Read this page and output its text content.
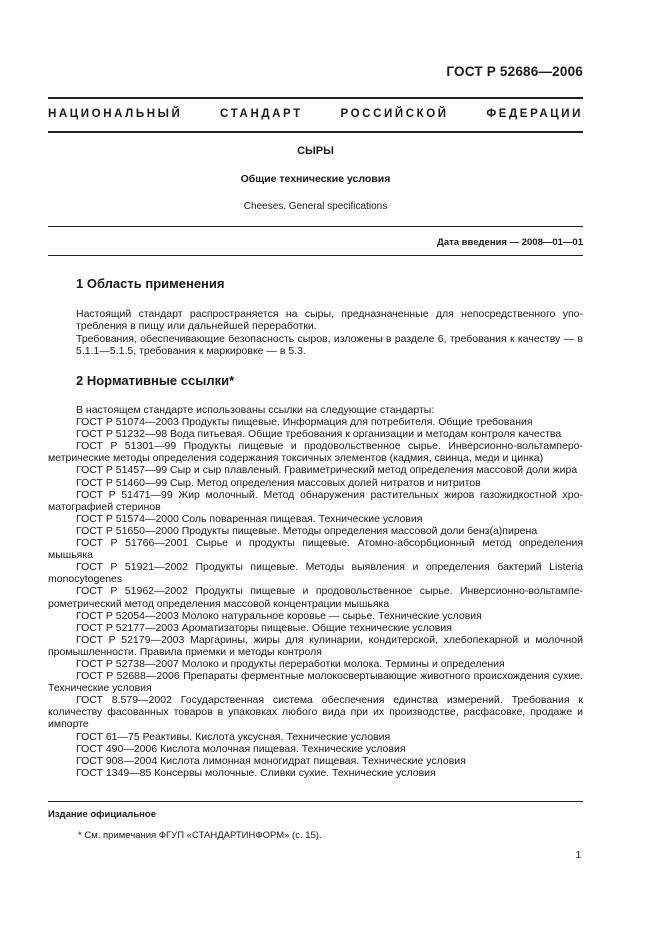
ГОСТ Р 52686—2006
НАЦИОНАЛЬНЫЙ	СТАНДАРТ	РОССИЙСКОЙ	ФЕДЕРАЦИИ
СЫРЫ
Общие технические условия
Cheeses. General specifications
Дата введения — 2008—01—01
1 Область применения
Настоящий стандарт распространяется на сыры, предназначенные для непосредственного употребления в пищу или дальнейшей переработки.
Требования, обеспечивающие безопасность сыров, изложены в разделе 6, требования к качеству — в 5.1.1—5.1.5, требования к маркировке — в 5.3.
2 Нормативные ссылки*
В настоящем стандарте использованы ссылки на следующие стандарты:
ГОСТ Р 51074—2003 Продукты пищевые. Информация для потребителя. Общие требования
ГОСТ Р 51232—98 Вода питьевая. Общие требования к организации и методам контроля качества
ГОСТ Р 51301—99 Продукты пищевые и продовольственное сырье. Инверсионно-вольтамперометрические методы определения содержания токсичных элементов (кадмия, свинца, меди и цинка)
ГОСТ Р 51457—99 Сыр и сыр плавленый. Гравиметрический метод определения массовой доли жира
ГОСТ Р 51460—99 Сыр. Метод определения массовых долей нитратов и нитритов
ГОСТ Р 51471—99 Жир молочный. Метод обнаружения растительных жиров газожидкостной хроматографией стеринов
ГОСТ Р 51574—2000 Соль поваренная пищевая. Технические условия
ГОСТ Р 51650—2000 Продукты пищевые. Методы определения массовой доли бенз(а)пирена
ГОСТ Р 51766—2001 Сырье и продукты пищевые. Атомно-абсорбционный метод определения мышьяка
ГОСТ Р 51921—2002 Продукты пищевые. Методы выявления и определения бактерий Listeria monocytogenes
ГОСТ Р 51962—2002 Продукты пищевые и продовольственное сырье. Инверсионно-вольтамперометрический метод определения массовой концентрации мышьяка
ГОСТ Р 52054—2003 Молоко натуральное коровье — сырье. Технические условия
ГОСТ Р 52177—2003 Ароматизаторы пищевые. Общие технические условия
ГОСТ Р 52179—2003 Маргарины, жиры для кулинарии, кондитерской, хлебопекарной и молочной промышленности. Правила приемки и методы контроля
ГОСТ Р 52738—2007 Молоко и продукты переработки молока. Термины и определения
ГОСТ Р 52688—2006 Препараты ферментные молокосвертывающие животного происхождения сухие. Технические условия
ГОСТ 8.579—2002 Государственная система обеспечения единства измерений. Требования к количеству фасованных товаров в упаковках любого вида при их производстве, расфасовке, продаже и импорте
ГОСТ 61—75 Реактивы. Кислота уксусная. Технические условия
ГОСТ 490—2006 Кислота молочная пищевая. Технические условия
ГОСТ 908—2004 Кислота лимонная моногидрат пищевая. Технические условия
ГОСТ 1349—85 Консервы молочные. Сливки сухие. Технические условия
Издание официальное
* См. примечания ФГУП «СТАНДАРТИНФОРМ» (с. 15).
1
